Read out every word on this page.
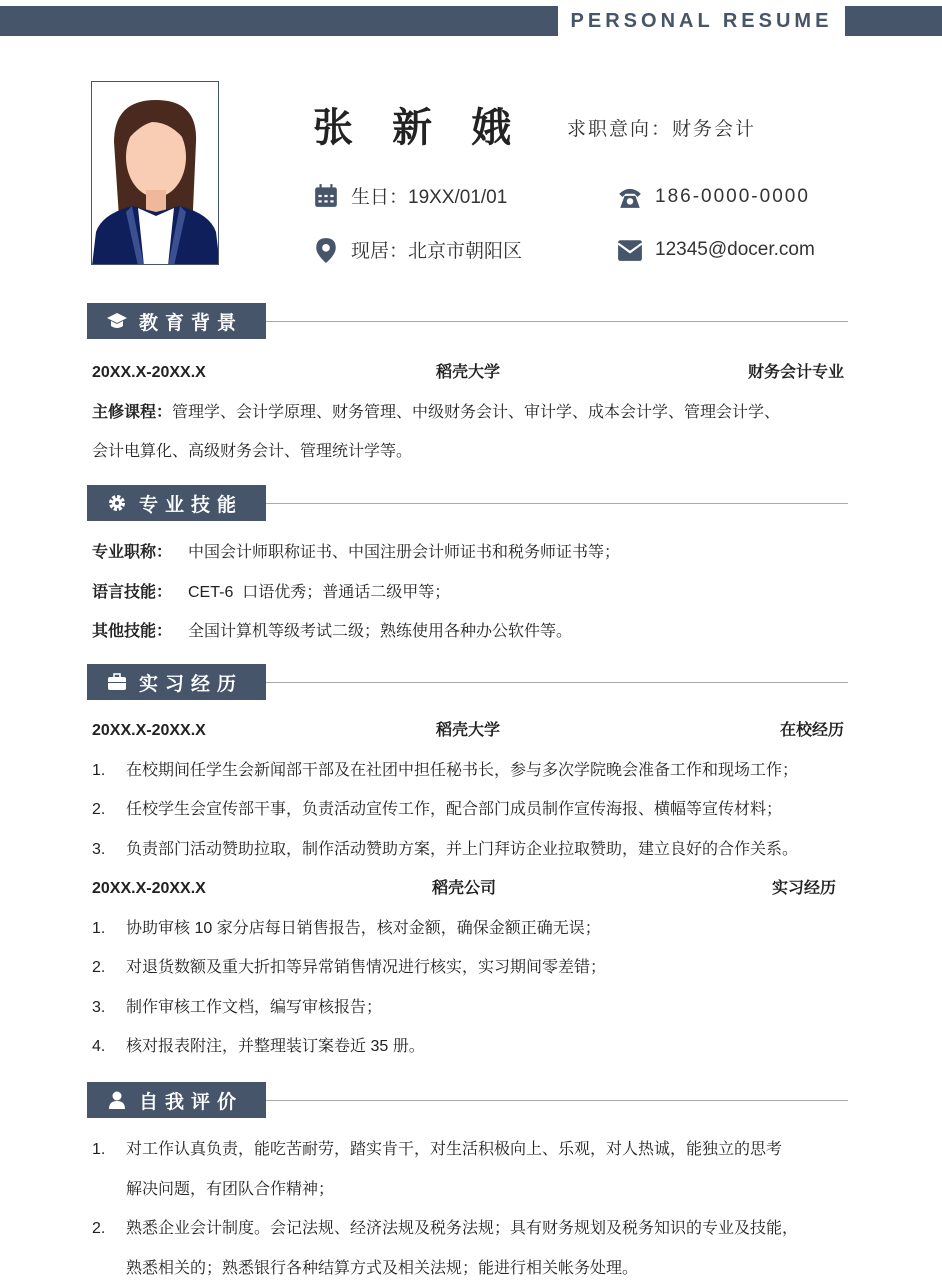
PERSONAL RESUME
张 新 娥 求职意向：财务会计
生日：19XX/01/01	186-0000-0000
现居：北京市朝阳区	12345@docer.com
教育背景
20XX.X-20XX.X	稻壳大学	财务会计专业
主修课程：管理学、会计学原理、财务管理、中级财务会计、审计学、成本会计学、管理会计学、
会计电算化、高级财务会计、管理统计学等。
专业技能
专业职称： 中国会计师职称证书、中国注册会计师证书和税务师证书等；
语言技能： CET-6  口语优秀；普通话二级甲等；
其他技能： 全国计算机等级考试二级；熟练使用各种办公软件等。
实习经历
20XX.X-20XX.X	稻壳大学	在校经历
1.	在校期间任学生会新闻部干部及在社团中担任秘书长，参与多次学院晚会准备工作和现场工作；
2.	任校学生会宣传部干事，负责活动宣传工作，配合部门成员制作宣传海报、横幅等宣传材料；
3.	负责部门活动赞助拉取，制作活动赞助方案，并上门拜访企业拉取赞助，建立良好的合作关系。
20XX.X-20XX.X	稻壳公司	实习经历
1.	协助审核 10 家分店每日销售报告，核对金额，确保金额正确无误；
2.	对退货数额及重大折扣等异常销售情况进行核实，实习期间零差错；
3.	制作审核工作文档，编写审核报告；
4.	核对报表附注，并整理装订案卷近 35 册。
自我评价
1.	对工作认真负责，能吃苦耐劳，踏实肯干，对生活积极向上、乐观，对人热诚，能独立的思考
解决问题，有团队合作精神；
2.	熟悉企业会计制度。会记法规、经济法规及税务法规；具有财务规划及税务知识的专业及技能，
熟悉相关的；熟悉银行各种结算方式及相关法规；能进行相关帐务处理。
